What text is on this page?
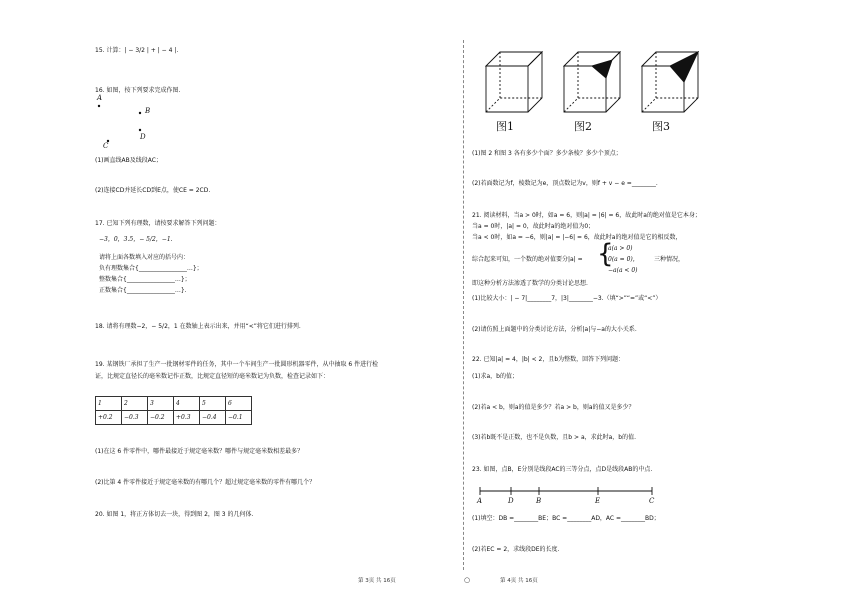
15. 计算：| − 3/2 | + | − 4 |.
16. 如图，按下列要求完成作图.
A
B
D
C
(1)画直线AB及线段AC；
(2)连接CD并延长CD到E点，使CE = 2CD.
17. 已知下列有理数，请按要求解答下列问题：
−3，0，3.5，− 5/2，−1.
请将上面各数填入对应的括号内：
负有理数集合{________________…}；
整数集合{________________…}；
正数集合{________________…}.
18. 请将有理数−2，− 5/2，1 在数轴上表示出来，并用“<”将它们进行排列.
19. 某钢铁厂承担了生产一批钢材零件的任务，其中一个车间生产一批圆形机器零件，从中抽取 6 件进行检
证，比规定直径长的毫米数记作正数，比规定直径短的毫米数记为负数，检查记录如下：
1	2	3	4	5	6
+0.2	−0.3	−0.2	+0.3	−0.4	−0.1
(1)在这 6 件零件中，哪件最接近于规定毫米数？哪件与规定毫米数相差最多？
(2)比第 4 件零件接近于规定毫米数的有哪几个？超过规定毫米数的零件有哪几个？
20. 如图 1，将正方体切去一块，得到图 2，图 3 的几何体.
图1	图2	图3
(1)图 2 和图 3 各有多少个面？多少条棱？多少个顶点；
(2)若面数记为f，棱数记为e，顶点数记为v，则f + v − e =________.
21. 阅读材料，当a > 0时，如a = 6，则|a| = |6| = 6，故此时a的绝对值是它本身；
当a = 0时，|a| = 0，故此时a的绝对值为0；
当a < 0时，如a = −6，则|a| = |−6| = 6，故此时a的绝对值是它的相反数，
综合起来可知，一个数的绝对值要分|a| = {
a(a > 0)
0(a = 0)，
−a(a < 0)
三种情况，
即这种分析方法渗透了数学的分类讨论思想.
(1)比较大小：| − 7|________7，|3|________−3.（填“>”“=”或“<”）
(2)请仿照上面题中的分类讨论方法，分析|a|与−a的大小关系.
22. 已知|a| = 4，|b| < 2，且b为整数，回答下列问题：
(1)求a，b的值；
(2)若a < b，则a的值是多少？若a > b，则a的值又是多少？
(3)若b既不是正数，也不是负数，且b > a，求此时a，b的值.
23. 如图，点B，E分别是线段AC的三等分点，点D是线段AB的中点.
A	D	B	E	C
(1)填空：DB =________BE；BC =________AD，AC =________BD；
(2)若EC = 2，求线段DE的长度.
第 3页 共 16页	○	第 4页 共 16页
